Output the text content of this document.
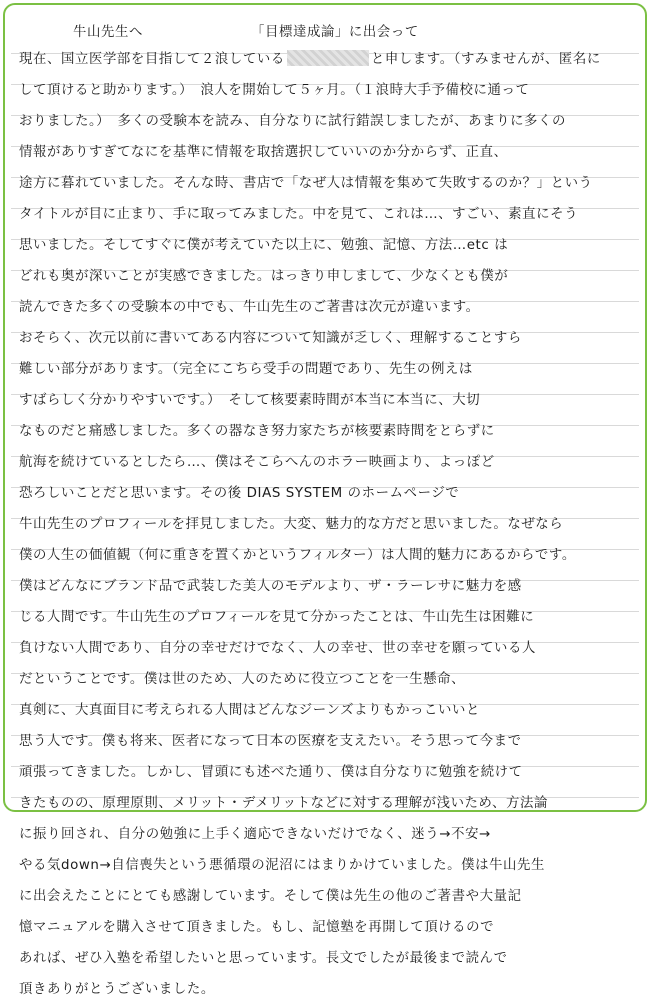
牛山先生へ	「目標達成論」に出会って
現在、国立医学部を目指して２浪している	と申します。（すみませんが、匿名に
して頂けると助かります。）　浪人を開始して５ヶ月。（１浪時大手予備校に通って
おりました。）　多くの受験本を読み、自分なりに試行錯誤しましたが、あまりに多くの
情報がありすぎてなにを基準に情報を取捨選択していいのか分からず、正直、
途方に暮れていました。そんな時、書店で「なぜ人は情報を集めて失敗するのか？」という
タイトルが目に止まり、手に取ってみました。中を見て、これは…、すごい、素直にそう
思いました。そしてすぐに僕が考えていた以上に、勉強、記憶、方法…etc は
どれも奥が深いことが実感できました。はっきり申しまして、少なくとも僕が
読んできた多くの受験本の中でも、牛山先生のご著書は次元が違います。
おそらく、次元以前に書いてある内容について知識が乏しく、理解することすら
難しい部分があります。（完全にこちら受手の問題であり、先生の例えは
すばらしく分かりやすいです。）　そして核要素時間が本当に本当に、大切
なものだと痛感しました。多くの器なき努力家たちが核要素時間をとらずに
航海を続けているとしたら…、僕はそこらへんのホラー映画より、よっぽど
恐ろしいことだと思います。その後 DIAS SYSTEM のホームページで
牛山先生のプロフィールを拝見しました。大変、魅力的な方だと思いました。なぜなら
僕の人生の価値観（何に重きを置くかというフィルター）は人間的魅力にあるからです。
僕はどんなにブランド品で武装した美人のモデルより、ザ・ラーレサに魅力を感
じる人間です。牛山先生のプロフィールを見て分かったことは、牛山先生は困難に
負けない人間であり、自分の幸せだけでなく、人の幸せ、世の幸せを願っている人
だということです。僕は世のため、人のために役立つことを一生懸命、
真剣に、大真面目に考えられる人間はどんなジーンズよりもかっこいいと
思う人です。僕も将来、医者になって日本の医療を支えたい。そう思って今まで
頑張ってきました。しかし、冒頭にも述べた通り、僕は自分なりに勉強を続けて
きたものの、原理原則、メリット・デメリットなどに対する理解が浅いため、方法論
に振り回され、自分の勉強に上手く適応できないだけでなく、迷う→不安→
やる気down→自信喪失という悪循環の泥沼にはまりかけていました。僕は牛山先生
に出会えたことにとても感謝しています。そして僕は先生の他のご著書や大量記
憶マニュアルを購入させて頂きました。もし、記憶塾を再開して頂けるので
あれば、ぜひ入塾を希望したいと思っています。長文でしたが最後まで読んで
頂きありがとうございました。
